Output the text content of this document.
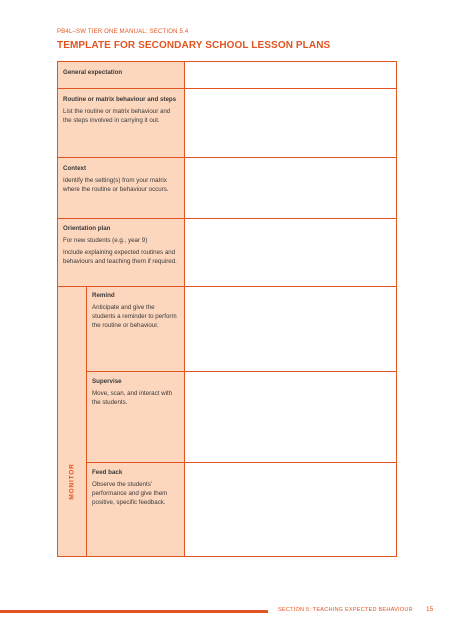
PB4L–SW TIER ONE MANUAL: SECTION 5.4
TEMPLATE FOR SECONDARY SCHOOL LESSON PLANS
General expectation
Routine or matrix behaviour and steps
List the routine or matrix behaviour and the steps involved in carrying it out.
Context
Identify the setting(s) from your matrix where the routine or behaviour occurs.
Orientation plan
For new students (e.g., year 9)
Include explaining expected routines and behaviours and teaching them if required.
MONITOR
Remind
Anticipate and give the students a reminder to perform the routine or behaviour.
Supervise
Move, scan, and interact with the students.
Feed back
Observe the students' performance and give them positive, specific feedback.
SECTION 5: TEACHING EXPECTED BEHAVIOUR 15
